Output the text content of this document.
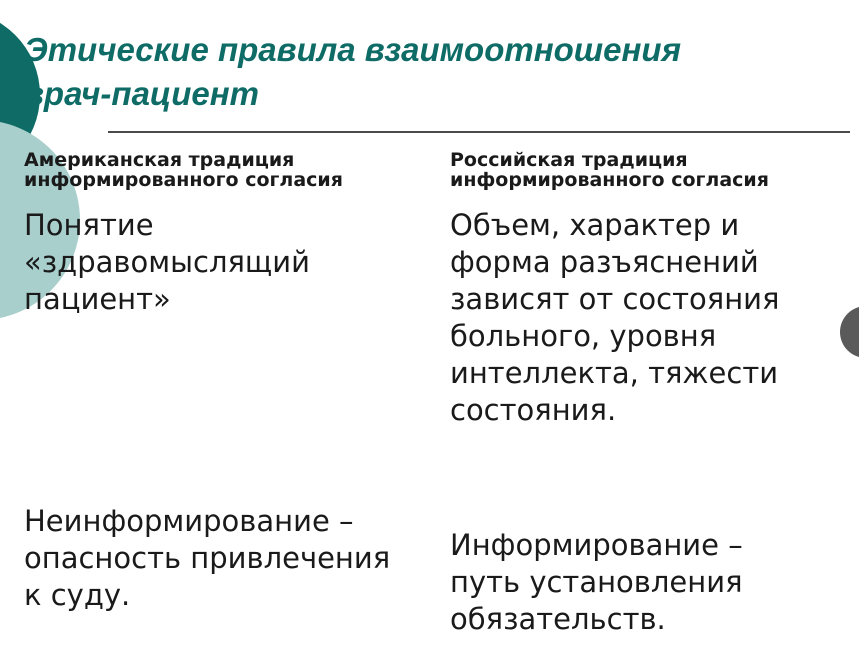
Этические правила взаимоотношения
врач-пациент

Американская традиция
информированного согласия

Российская традиция
информированного согласия

Понятие
«здравомыслящий
пациент»

Неинформирование –
опасность привлечения
к суду.

Объем, характер и
форма разъяснений
зависят от состояния
больного, уровня
интеллекта, тяжести
состояния.

Информирование –
путь установления
обязательств.
